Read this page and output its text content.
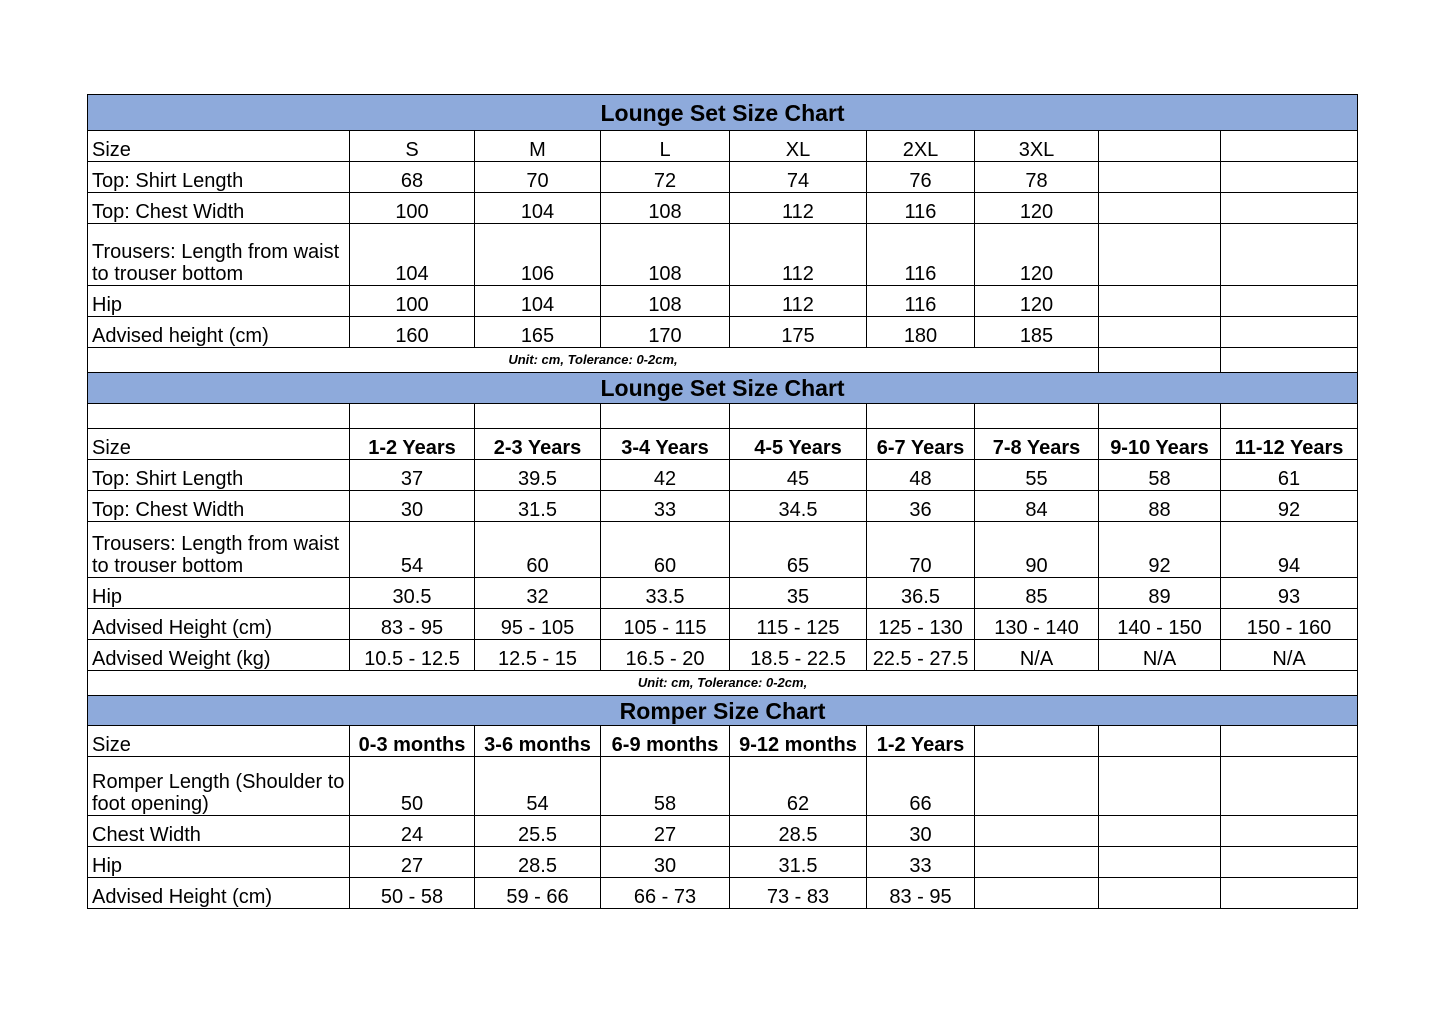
Lounge Set Size Chart								
Size	S	M	L	XL	2XL	3XL		
Top: Shirt Length	68	70	72	74	76	78		
Top: Chest Width	100	104	108	112	116	120		
Trousers: Length from waist to trouser bottom	104	106	108	112	116	120		
Hip	100	104	108	112	116	120		
Advised height (cm)	160	165	170	175	180	185		
Unit: cm, Tolerance: 0-2cm,								
Lounge Set Size Chart								

Size	1-2 Years	2-3 Years	3-4 Years	4-5 Years	6-7 Years	7-8 Years	9-10 Years	11-12 Years
Top: Shirt Length	37	39.5	42	45	48	55	58	61
Top: Chest Width	30	31.5	33	34.5	36	84	88	92
Trousers: Length from waist to trouser bottom	54	60	60	65	70	90	92	94
Hip	30.5	32	33.5	35	36.5	85	89	93
Advised Height (cm)	83 - 95	95 - 105	105 - 115	115 - 125	125 - 130	130 - 140	140 - 150	150 - 160
Advised Weight (kg)	10.5 - 12.5	12.5 - 15	16.5 - 20	18.5 - 22.5	22.5 - 27.5	N/A	N/A	N/A
Unit: cm, Tolerance: 0-2cm,								
Romper Size Chart								
Size	0-3 months	3-6 months	6-9 months	9-12 months	1-2 Years			
Romper Length (Shoulder to foot opening)	50	54	58	62	66			
Chest Width	24	25.5	27	28.5	30			
Hip	27	28.5	30	31.5	33			
Advised Height (cm)	50 - 58	59 - 66	66 - 73	73 - 83	83 - 95			
